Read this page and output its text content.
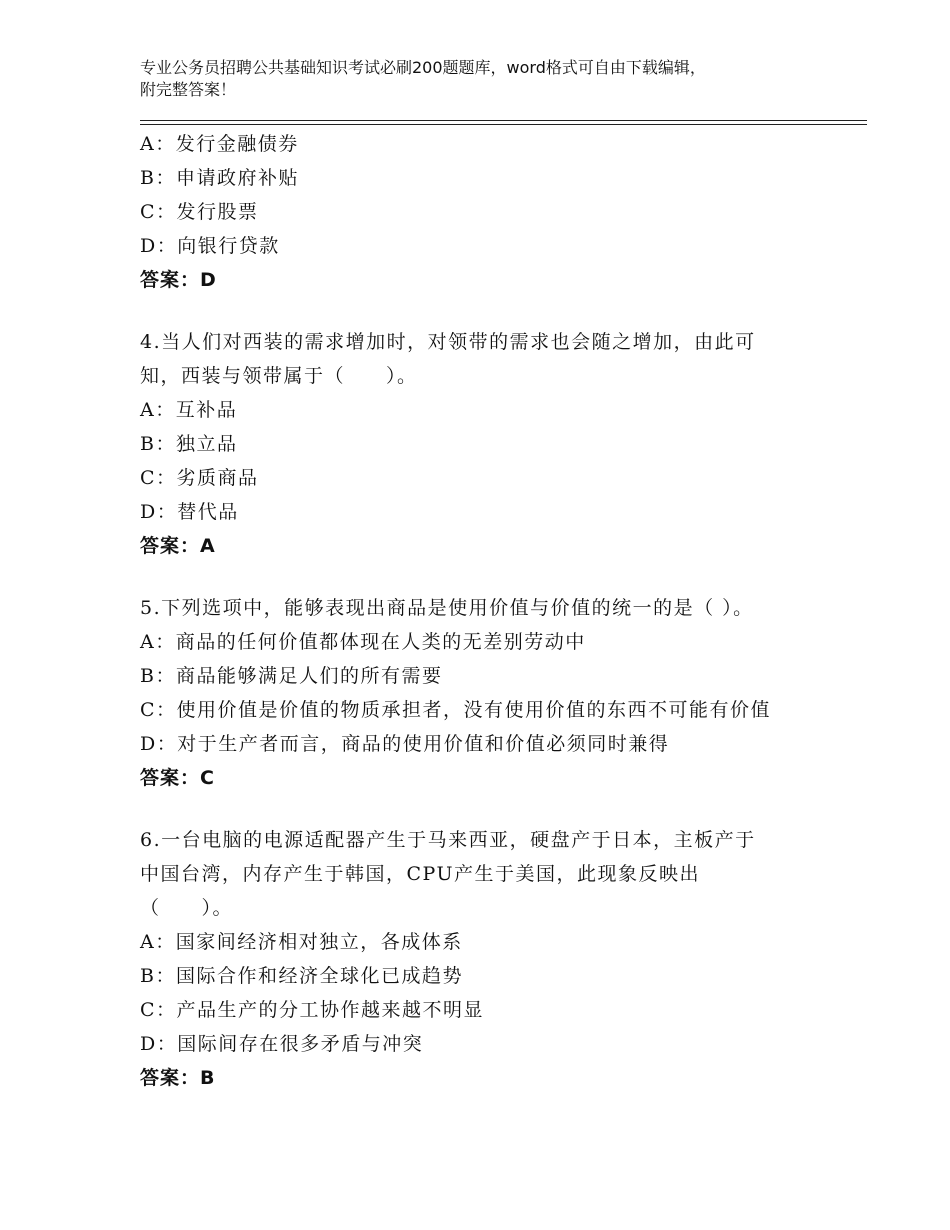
专业公务员招聘公共基础知识考试必刷200题题库，word格式可自由下载编辑，
附完整答案！
A：发行金融债券
B：申请政府补贴
C：发行股票
D：向银行贷款
答案：D
4.当人们对西装的需求增加时，对领带的需求也会随之增加，由此可
知，西装与领带属于（　　）。
A：互补品
B：独立品
C：劣质商品
D：替代品
答案：A
5.下列选项中，能够表现出商品是使用价值与价值的统一的是（ ）。
A：商品的任何价值都体现在人类的无差别劳动中
B：商品能够满足人们的所有需要
C：使用价值是价值的物质承担者，没有使用价值的东西不可能有价值
D：对于生产者而言，商品的使用价值和价值必须同时兼得
答案：C
6.一台电脑的电源适配器产生于马来西亚，硬盘产于日本，主板产于
中国台湾，内存产生于韩国，CPU产生于美国，此现象反映出
（　　）。
A：国家间经济相对独立，各成体系
B：国际合作和经济全球化已成趋势
C：产品生产的分工协作越来越不明显
D：国际间存在很多矛盾与冲突
答案：B
